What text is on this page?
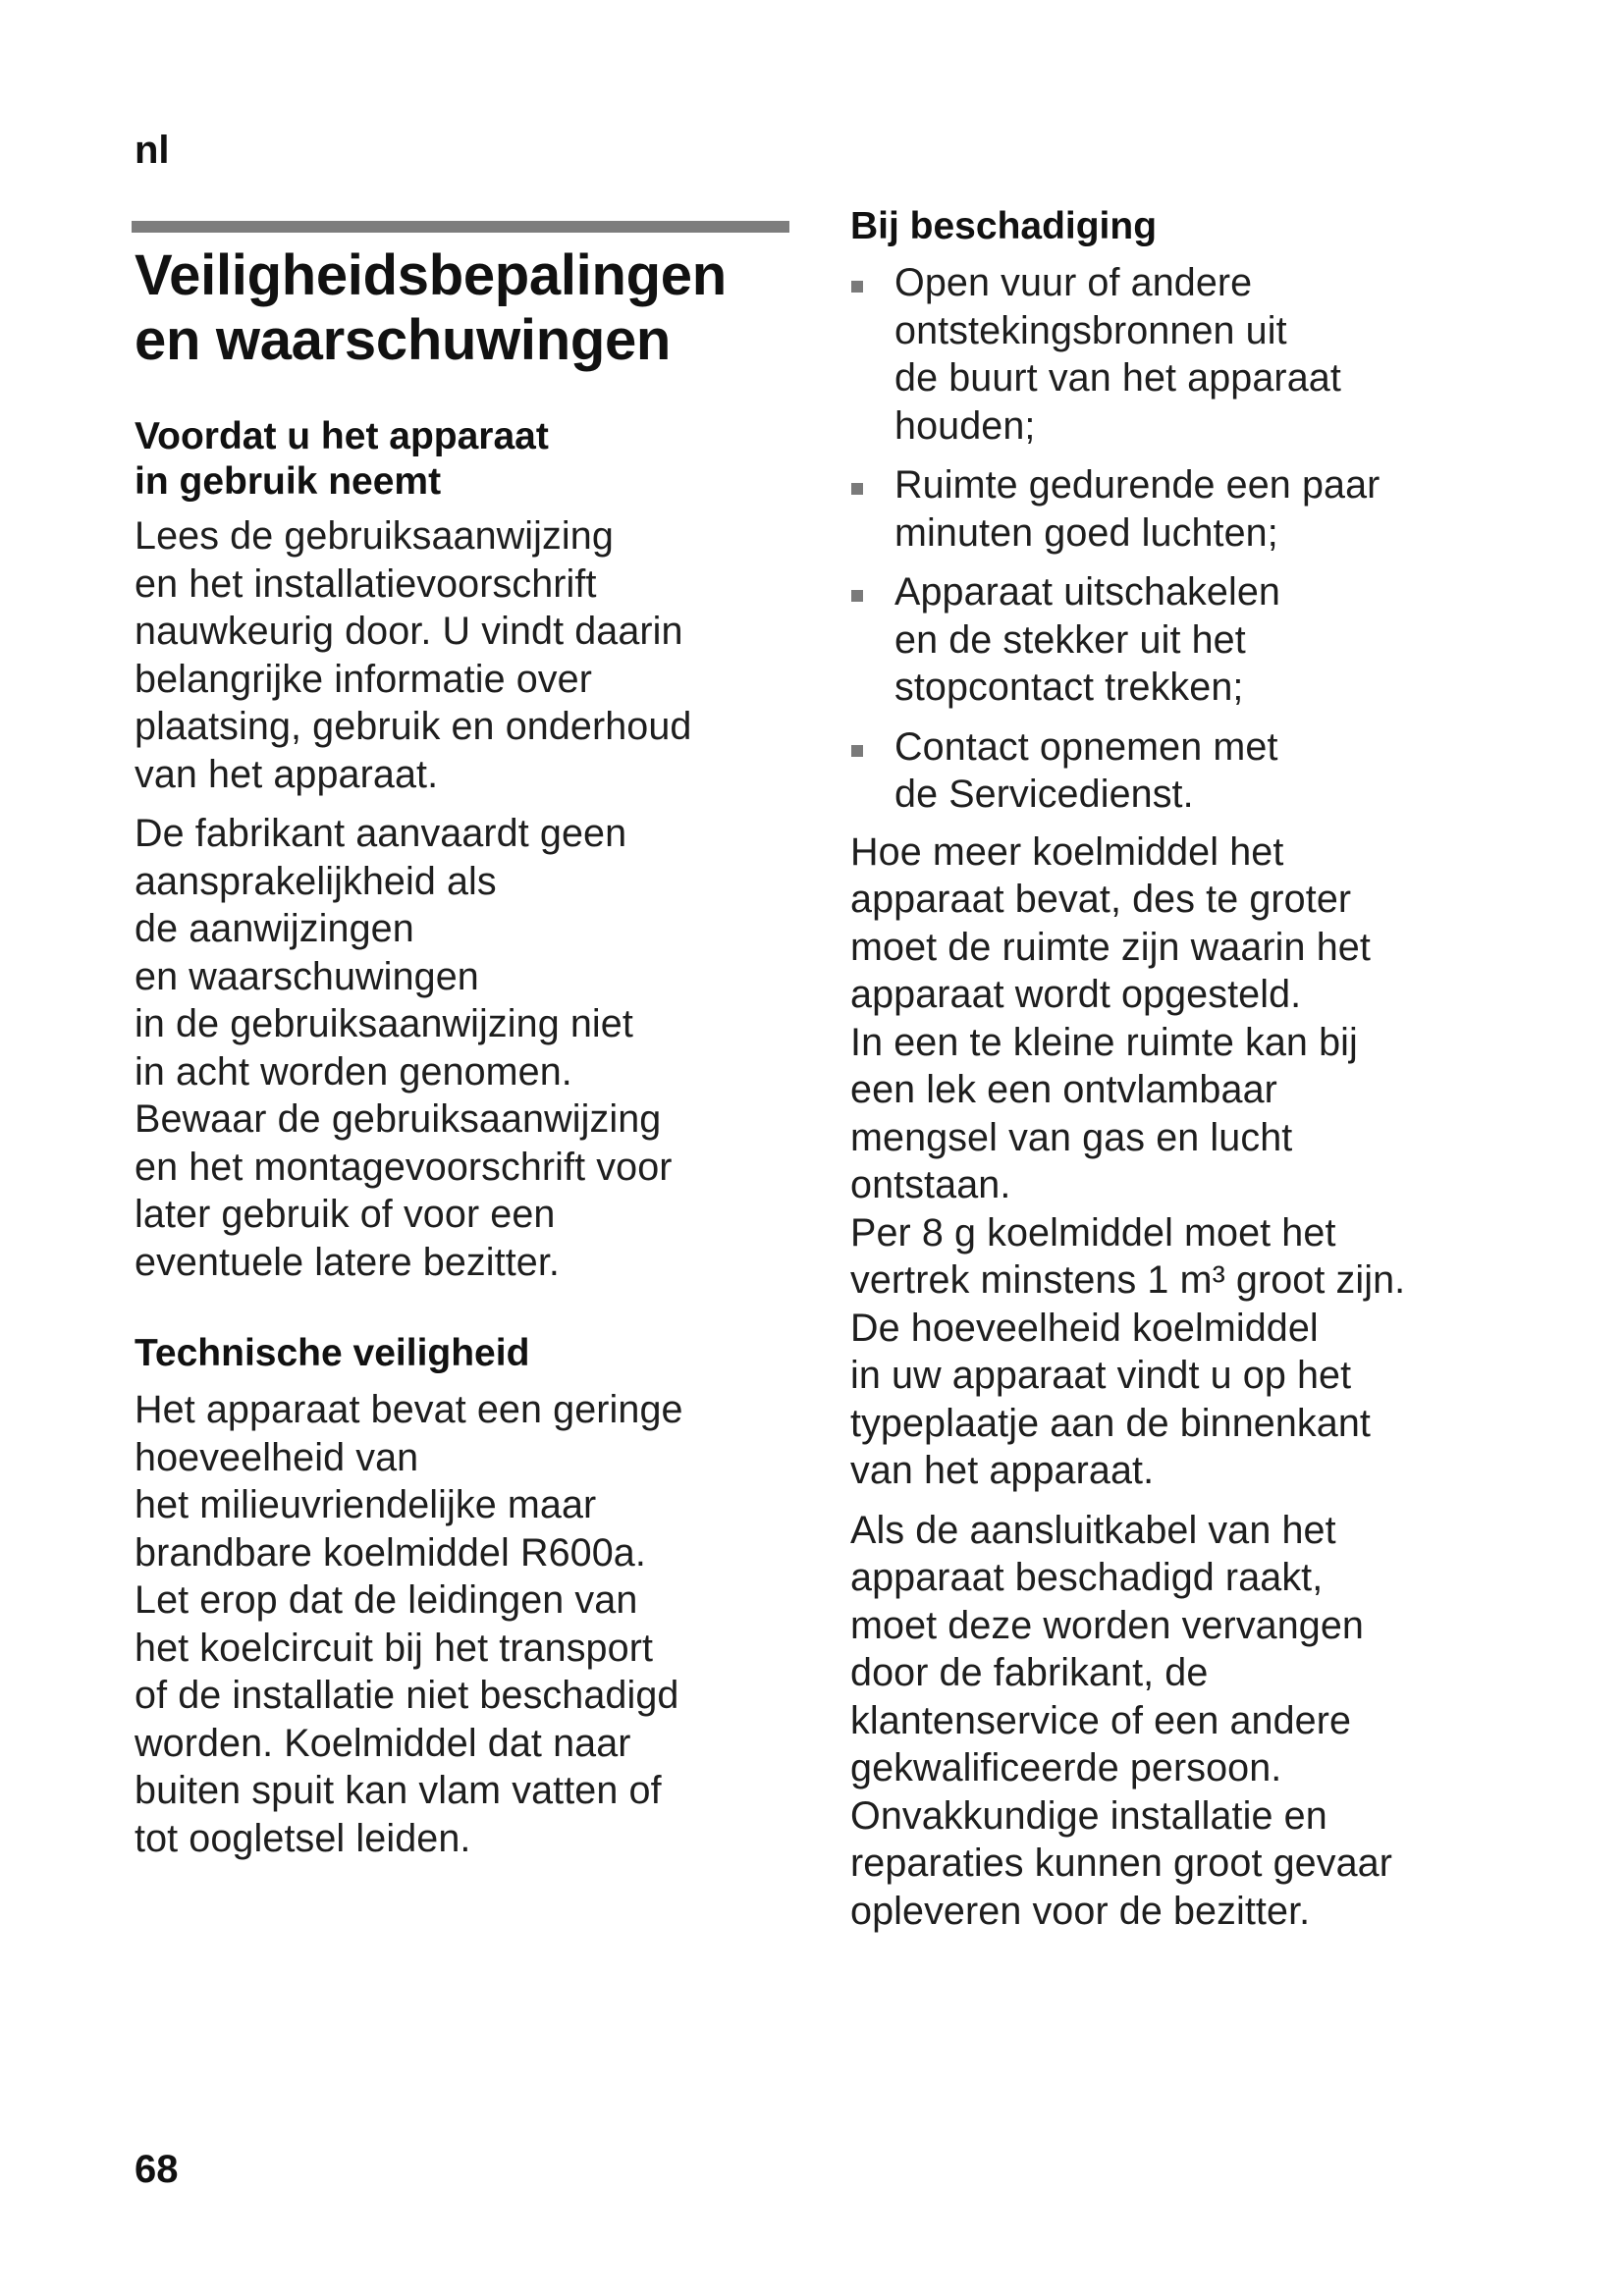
nl
Veiligheidsbepalingen
en waarschuwingen
Voordat u het apparaat
in gebruik neemt

Lees de gebruiksaanwijzing
en het installatievoorschrift
nauwkeurig door. U vindt daarin
belangrijke informatie over
plaatsing, gebruik en onderhoud
van het apparaat.

De fabrikant aanvaardt geen
aansprakelijkheid als
de aanwijzingen
en waarschuwingen
in de gebruiksaanwijzing niet
in acht worden genomen.
Bewaar de gebruiksaanwijzing
en het montagevoorschrift voor
later gebruik of voor een
eventuele latere bezitter.

Technische veiligheid

Het apparaat bevat een geringe
hoeveelheid van
het milieuvriendelijke maar
brandbare koelmiddel R600a.
Let erop dat de leidingen van
het koelcircuit bij het transport
of de installatie niet beschadigd
worden. Koelmiddel dat naar
buiten spuit kan vlam vatten of
tot oogletsel leiden.

Bij beschadiging

Open vuur of andere
ontstekingsbronnen uit
de buurt van het apparaat
houden;

Ruimte gedurende een paar
minuten goed luchten;

Apparaat uitschakelen
en de stekker uit het
stopcontact trekken;

Contact opnemen met
de Servicedienst.

Hoe meer koelmiddel het
apparaat bevat, des te groter
moet de ruimte zijn waarin het
apparaat wordt opgesteld.
In een te kleine ruimte kan bij
een lek een ontvlambaar
mengsel van gas en lucht
ontstaan.
Per 8 g koelmiddel moet het
vertrek minstens 1 m³ groot zijn.
De hoeveelheid koelmiddel
in uw apparaat vindt u op het
typeplaatje aan de binnenkant
van het apparaat.

Als de aansluitkabel van het
apparaat beschadigd raakt,
moet deze worden vervangen
door de fabrikant, de
klantenservice of een andere
gekwalificeerde persoon.
Onvakkundige installatie en
reparaties kunnen groot gevaar
opleveren voor de bezitter.

68
